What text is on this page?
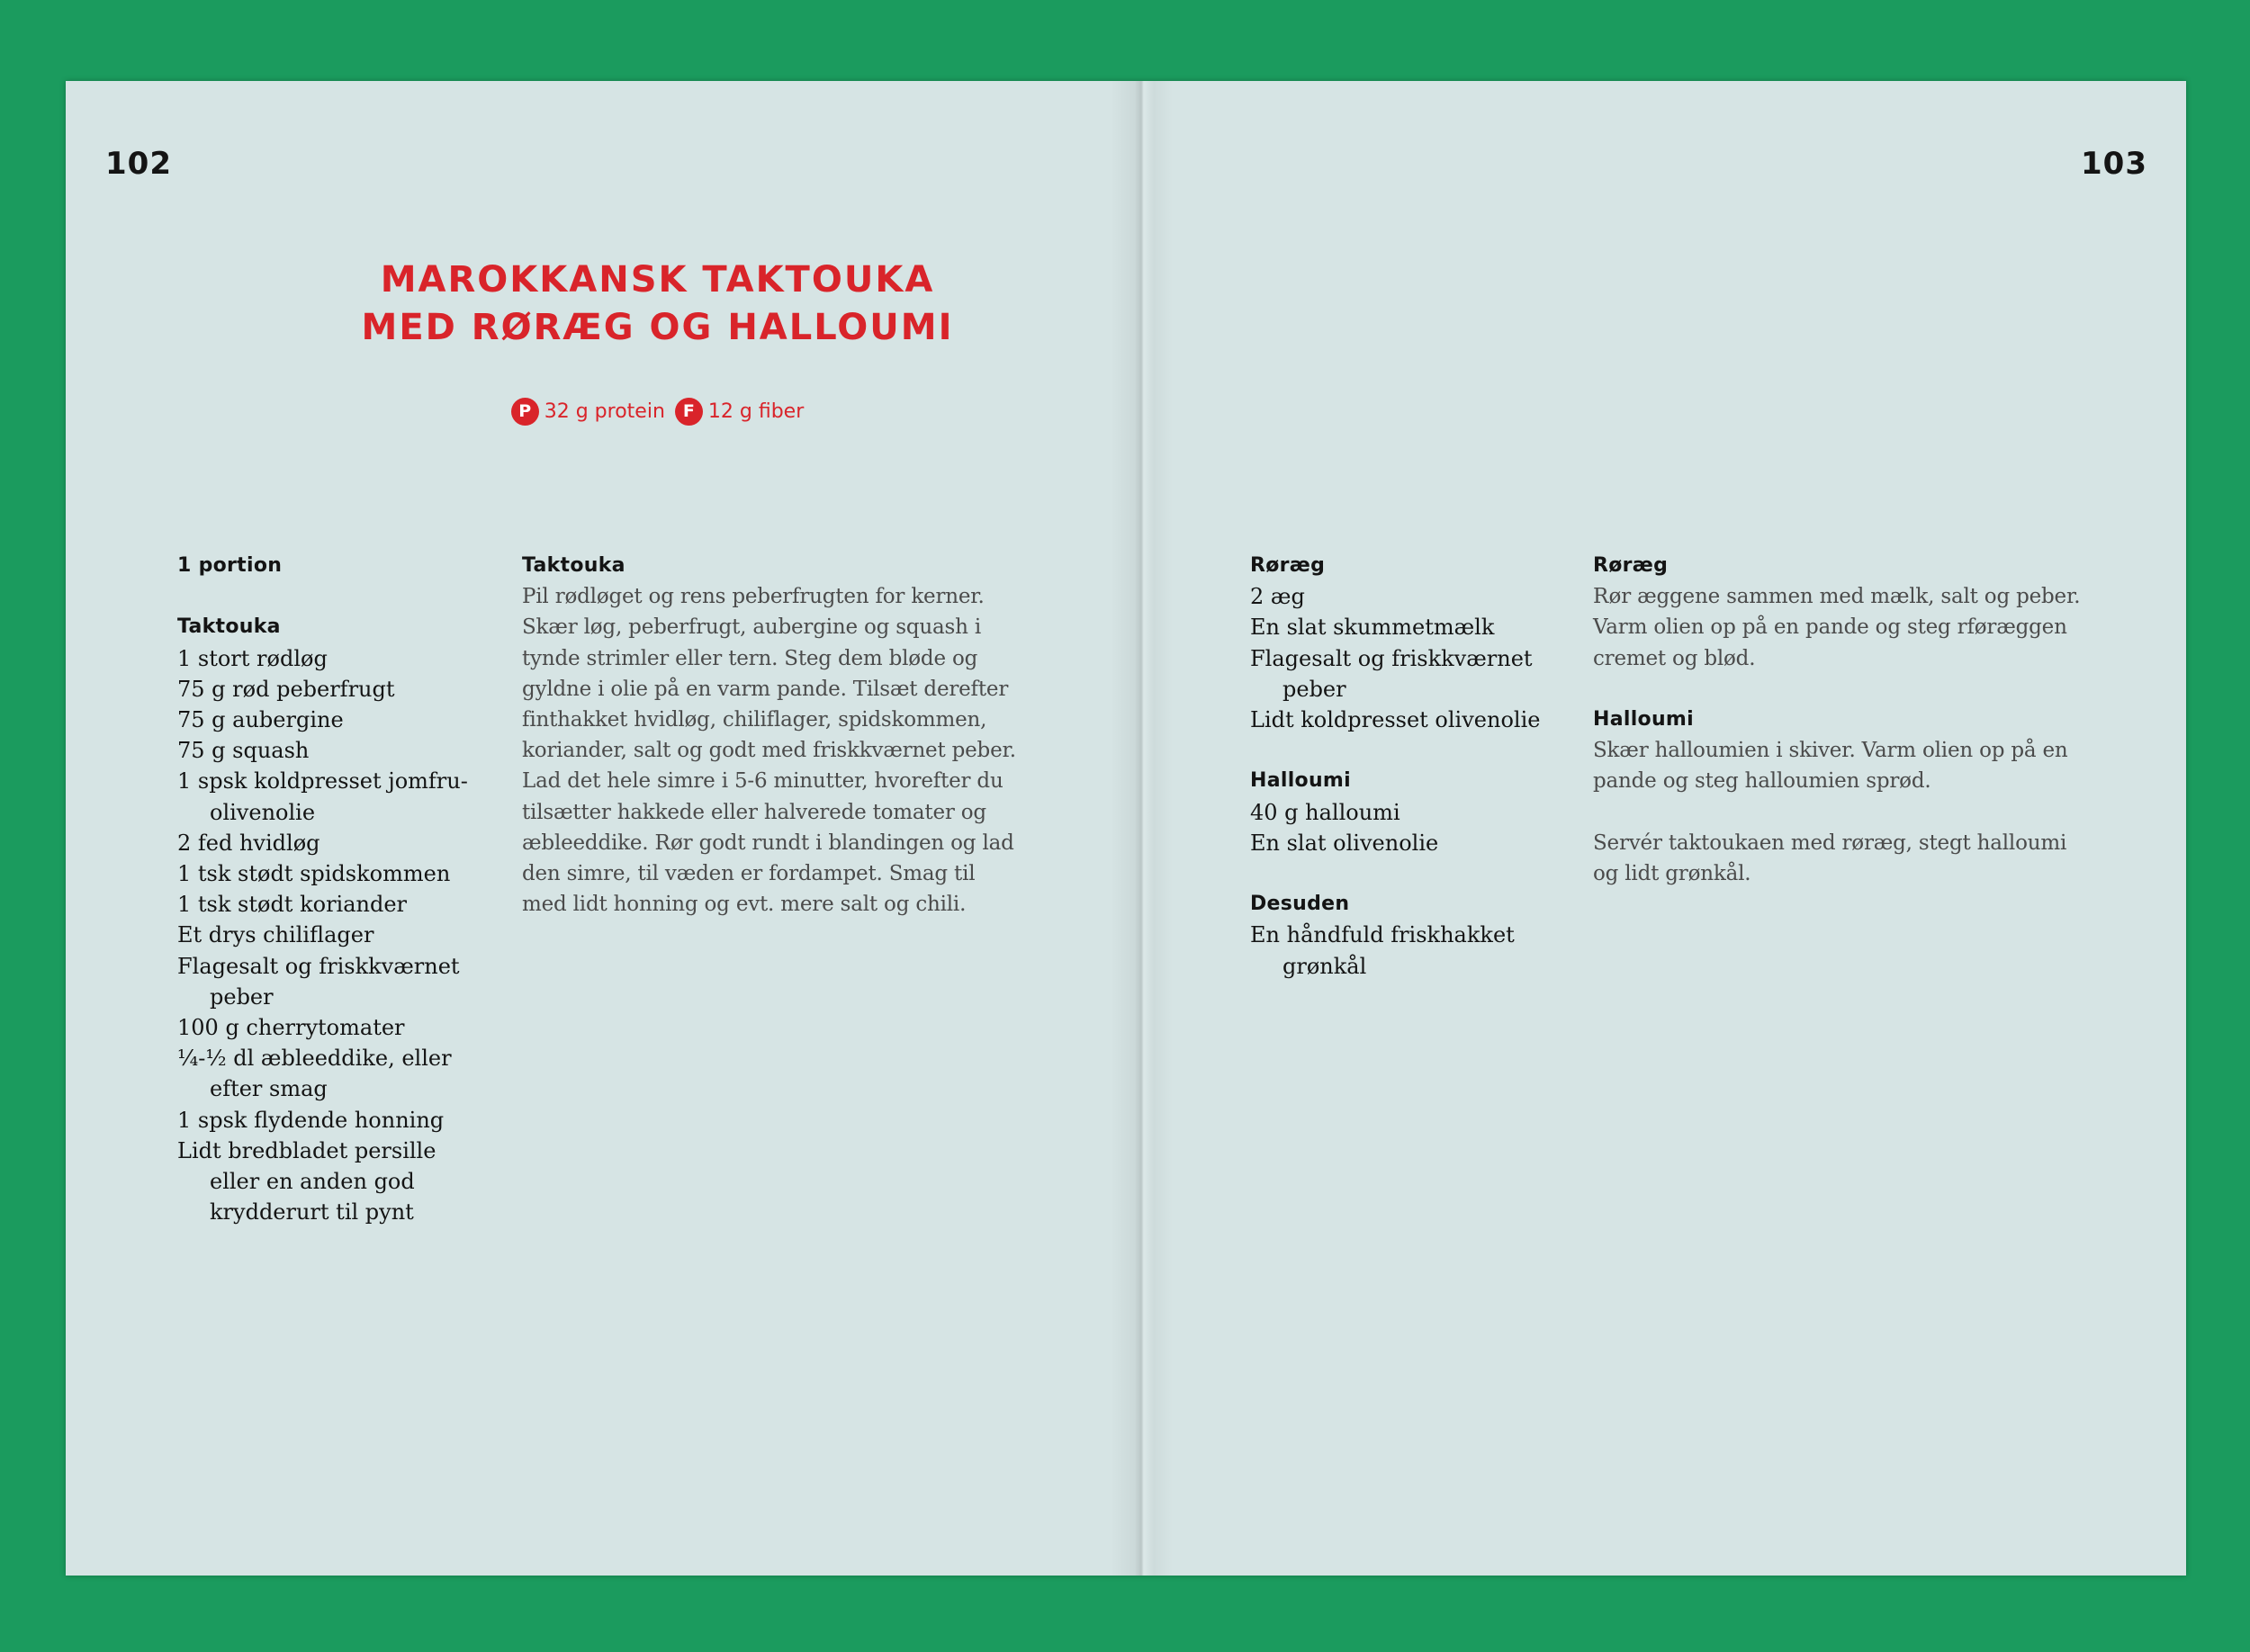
102	103
MAROKKANSK TAKTOUKA
MED RØRÆG OG HALLOUMI
P 32 g protein
	F 12 g fiber
1 portion
Taktouka
1 stort rødløg
75 g rød peberfrugt
75 g aubergine
75 g squash
1 spsk koldpresset jomfru-olivenolie
2 fed hvidløg
1 tsk stødt spidskommen
1 tsk stødt koriander
Et drys chiliflager
Flagesalt og friskkværnet peber
100 g cherrytomater
¼-½ dl æbleeddike, eller efter smag
1 spsk flydende honning
Lidt bredbladet persille eller en anden god krydderurt til pynt
Taktouka

Pil rødløget og rens peberfrugten for kerner. Skær løg, peberfrugt, aubergine og squash i tynde strimler eller tern. Steg dem bløde og gyldne i olie på en varm pande. Tilsæt derefter finthakket hvidløg, chiliflager, spidskommen, koriander, salt og godt med friskkværnet peber. Lad det hele simre i 5-6 minutter, hvorefter du tilsætter hakkede eller halverede tomater og æbleeddike. Rør godt rundt i blandingen og lad den simre, til væden er fordampet. Smag til med lidt honning og evt. mere salt og chili.

Røræg
2 æg
En slat skummetmælk
Flagesalt og friskkværnet peber
Lidt koldpresset olivenolie
Halloumi
40 g halloumi
En slat olivenolie
Desuden
En håndfuld friskhakket grønkål
Røræg

Rør æggene sammen med mælk, salt og peber. Varm olien op på en pande og steg rføræggen cremet og blød.

Halloumi

Skær halloumien i skiver. Varm olien op på en pande og steg halloumien sprød.

Servér taktoukaen med røræg, stegt halloumi og lidt grønkål.
